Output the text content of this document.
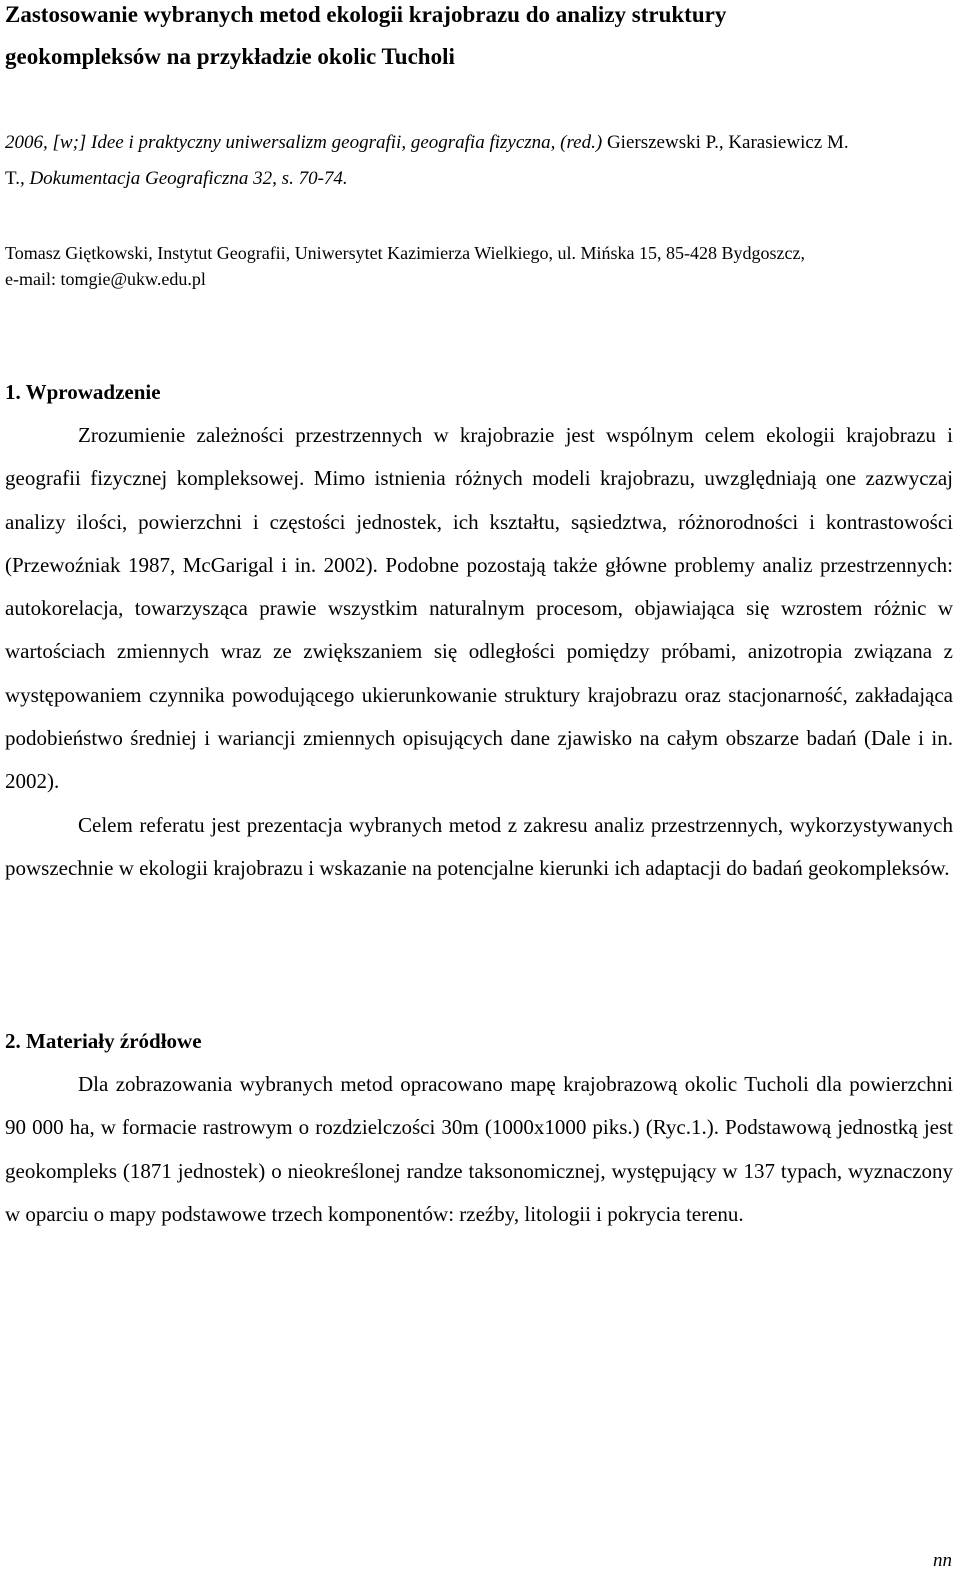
Zastosowanie wybranych metod ekologii krajobrazu do analizy struktury
geokompleksów na przykładzie okolic Tucholi

2006, [w;] Idee i praktyczny uniwersalizm geografii, geografia fizyczna, (red.) Gierszewski P., Karasiewicz M.
T., Dokumentacja Geograficzna 32, s. 70-74.

Tomasz Giętkowski, Instytut Geografii, Uniwersytet Kazimierza Wielkiego, ul. Mińska 15, 85-428 Bydgoszcz,
e-mail: tomgie@ukw.edu.pl

1. Wprowadzenie
Zrozumienie zależności przestrzennych w krajobrazie jest wspólnym celem ekologii krajobrazu i geografii fizycznej kompleksowej. Mimo istnienia różnych modeli krajobrazu, uwzględniają one zazwyczaj analizy ilości, powierzchni i częstości jednostek, ich kształtu, sąsiedztwa, różnorodności i kontrastowości (Przewoźniak 1987, McGarigal i in. 2002). Podobne pozostają także główne problemy analiz przestrzennych: autokorelacja, towarzysząca prawie wszystkim naturalnym procesom, objawiająca się wzrostem różnic w wartościach zmiennych wraz ze zwiększaniem się odległości pomiędzy próbami, anizotropia związana z występowaniem czynnika powodującego ukierunkowanie struktury krajobrazu oraz stacjonarność, zakładająca podobieństwo średniej i wariancji zmiennych opisujących dane zjawisko na całym obszarze badań (Dale i in. 2002).
Celem referatu jest prezentacja wybranych metod z zakresu analiz przestrzennych, wykorzystywanych powszechnie w ekologii krajobrazu i wskazanie na potencjalne kierunki ich adaptacji do badań geokompleksów.
2. Materiały źródłowe
Dla zobrazowania wybranych metod opracowano mapę krajobrazową okolic Tucholi dla powierzchni 90 000 ha, w formacie rastrowym o rozdzielczości 30m (1000x1000 piks.) (Ryc.1.). Podstawową jednostką jest geokompleks (1871 jednostek) o nieokreślonej randze taksonomicznej, występujący w 137 typach, wyznaczony w oparciu o mapy podstawowe trzech komponentów: rzeźby, litologii i pokrycia terenu.
nn
